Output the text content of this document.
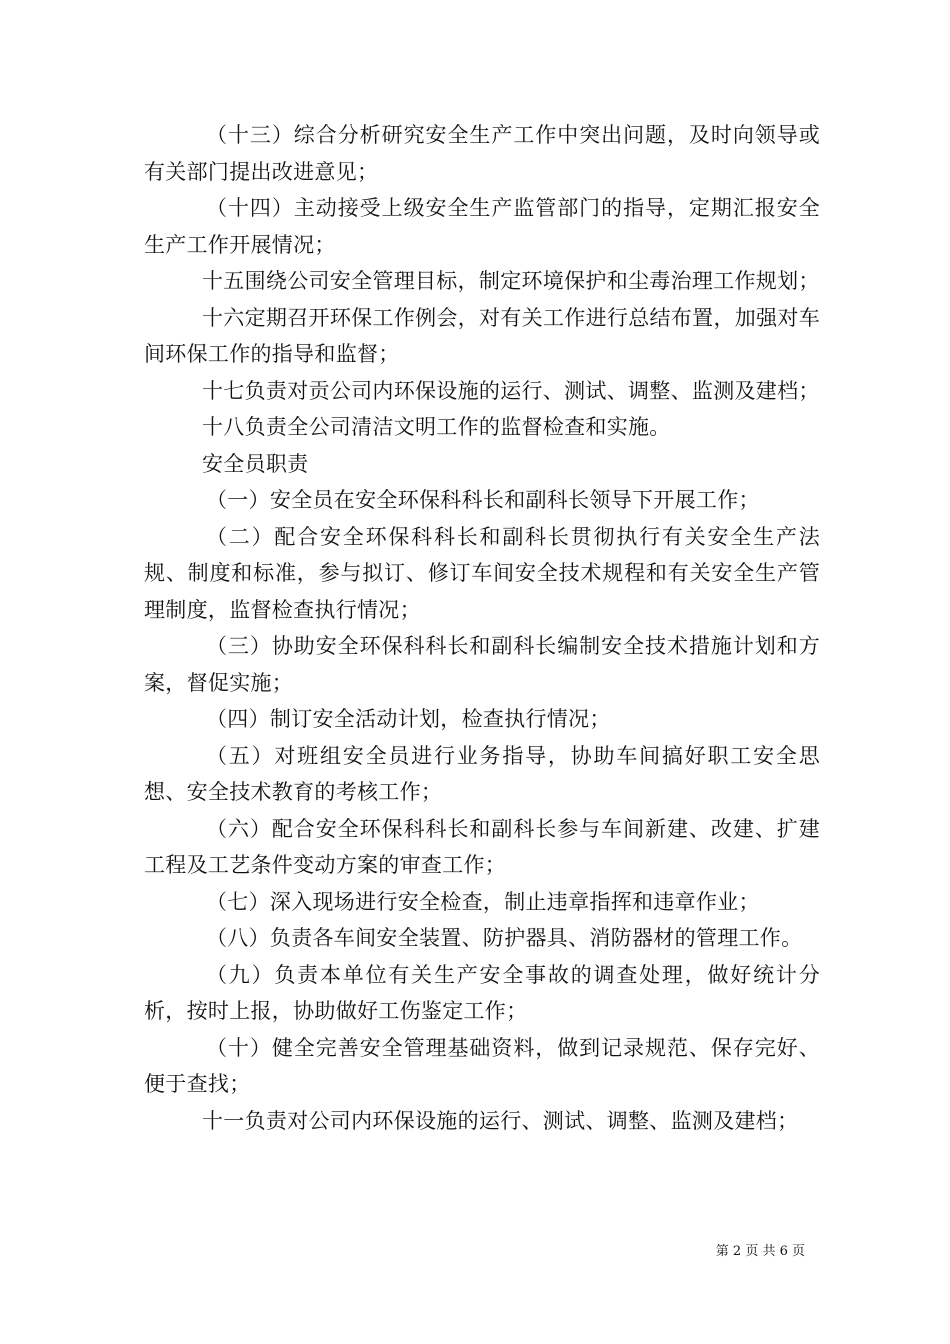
（十三）综合分析研究安全生产工作中突出问题，及时向领导或有关部门提出改进意见；

（十四）主动接受上级安全生产监管部门的指导，定期汇报安全生产工作开展情况；

十五围绕公司安全管理目标，制定环境保护和尘毒治理工作规划；

十六定期召开环保工作例会，对有关工作进行总结布置，加强对车间环保工作的指导和监督；

十七负责对贡公司内环保设施的运行、测试、调整、监测及建档；

十八负责全公司清洁文明工作的监督检查和实施。

安全员职责

（一）安全员在安全环保科科长和副科长领导下开展工作；

（二）配合安全环保科科长和副科长贯彻执行有关安全生产法规、制度和标准，参与拟订、修订车间安全技术规程和有关安全生产管理制度，监督检查执行情况；

（三）协助安全环保科科长和副科长编制安全技术措施计划和方案，督促实施；

（四）制订安全活动计划，检查执行情况；

（五）对班组安全员进行业务指导，协助车间搞好职工安全思想、安全技术教育的考核工作；

（六）配合安全环保科科长和副科长参与车间新建、改建、扩建工程及工艺条件变动方案的审查工作；

（七）深入现场进行安全检查，制止违章指挥和违章作业；

（八）负责各车间安全装置、防护器具、消防器材的管理工作。

（九）负责本单位有关生产安全事故的调查处理，做好统计分析，按时上报，协助做好工伤鉴定工作；

（十）健全完善安全管理基础资料，做到记录规范、保存完好、便于查找；

十一负责对公司内环保设施的运行、测试、调整、监测及建档；

第 2 页 共 6 页
